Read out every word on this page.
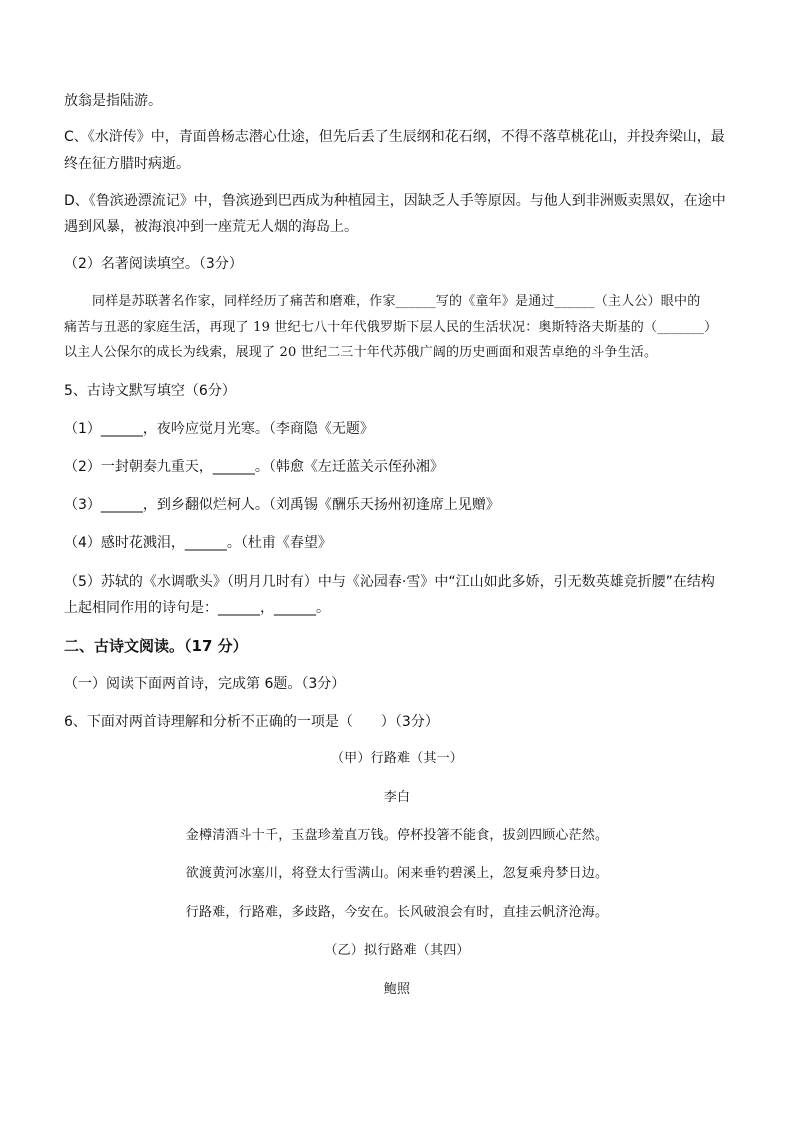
放翁是指陆游。
C、《水浒传》中，青面兽杨志潜心仕途，但先后丢了生辰纲和花石纲，不得不落草桃花山，并投奔梁山，最
终在征方腊时病逝。
D、《鲁滨逊漂流记》中，鲁滨逊到巴西成为种植园主，因缺乏人手等原因。与他人到非洲贩卖黑奴，在途中
遇到风暴，被海浪冲到一座荒无人烟的海岛上。
（2）名著阅读填空。（3分）
同样是苏联著名作家，同样经历了痛苦和磨难，作家______写的《童年》是通过______（主人公）眼中的
痛苦与丑恶的家庭生活，再现了 19 世纪七八十年代俄罗斯下层人民的生活状况：奥斯特洛夫斯基的（_______）
以主人公保尔的成长为线索，展现了 20 世纪二三十年代苏俄广阔的历史画面和艰苦卓绝的斗争生活。
5、古诗文默写填空（6分）
（1）______，夜吟应觉月光寒。（李商隐《无题》
（2）一封朝奏九重天，______。（韩愈《左迁蓝关示侄孙湘》
（3）______，到乡翻似烂柯人。（刘禹锡《酬乐天扬州初逢席上见赠》
（4）感时花溅泪，______。（杜甫《春望》
（5）苏轼的《水调歌头》（明月几时有）中与《沁园春·雪》中“江山如此多娇，引无数英雄竞折腰”在结构
上起相同作用的诗句是：______，______。
二、古诗文阅读。（17 分）
（一）阅读下面两首诗，完成第 6题。（3分）
6、下面对两首诗理解和分析不正确的一项是（　　）（3分）
（甲）行路难（其一）
李白
金樽清酒斗十千，玉盘珍羞直万钱。停杯投箸不能食，拔剑四顾心茫然。
欲渡黄河冰塞川，将登太行雪满山。闲来垂钓碧溪上，忽复乘舟梦日边。
行路难，行路难，多歧路，今安在。长风破浪会有时，直挂云帆济沧海。
（乙）拟行路难（其四）
鲍照
